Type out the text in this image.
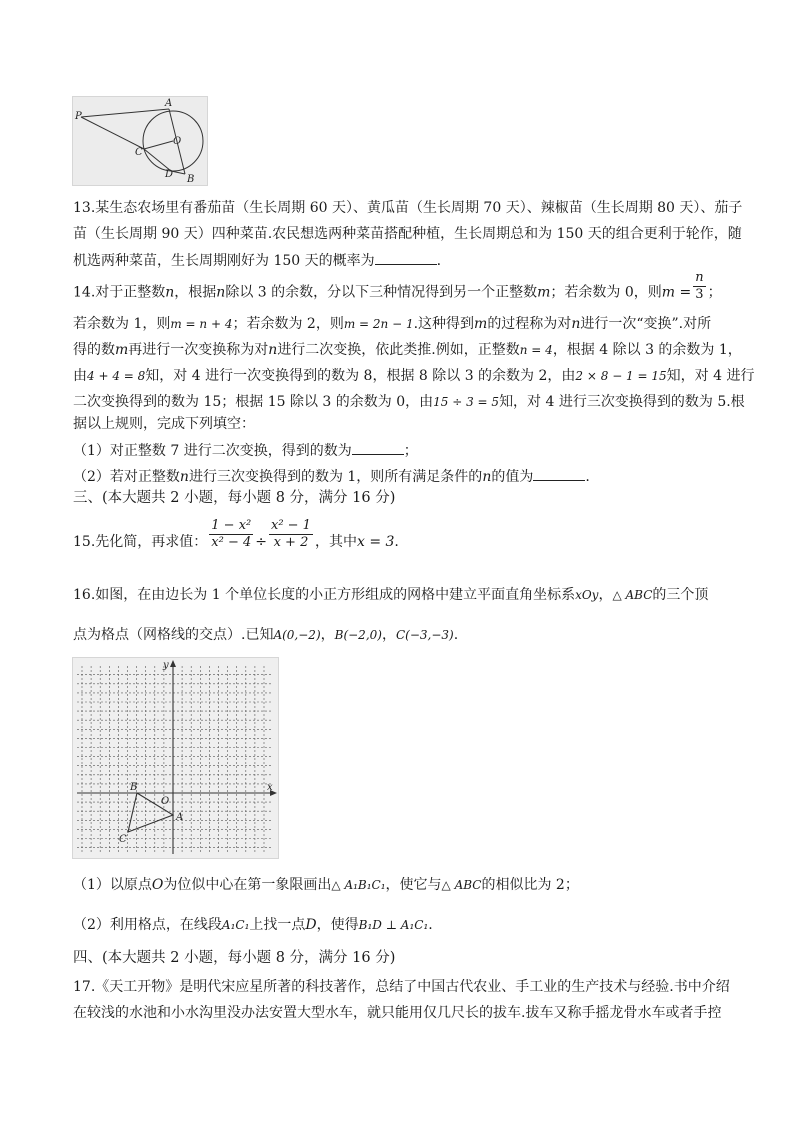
P
A
O
C
D B
13.某生态农场里有番茄苗（生长周期 60 天）、黄瓜苗（生长周期 70 天）、辣椒苗（生长周期 80 天）、茄子
苗（生长周期 90 天）四种菜苗.农民想选两种菜苗搭配种植，生长周期总和为 150 天的组合更利于轮作，随
机选两种菜苗，生长周期刚好为 150 天的概率为	.
14.对于正整数n，根据n除以 3 的余数，分以下三种情况得到另一个正整数m；若余数为 0，则$m = \frac{n}{3}$ ；
若余数为 1，则m = n + 4；若余数为 2，则m = 2n − 1.这种得到m的过程称为对n进行一次“变换”.对所
得的数m再进行一次变换称为对n进行二次变换，依此类推.例如，正整数n = 4，根据 4 除以 3 的余数为 1，
由4 + 4 = 8知，对 4 进行一次变换得到的数为 8，根据 8 除以 3 的余数为 2，由2 × 8 − 1 = 15知，对 4 进行
二次变换得到的数为 15；根据 15 除以 3 的余数为 0，由15 ÷ 3 = 5知，对 4 进行三次变换得到的数为 5.根
据以上规则，完成下列填空：
（1）对正整数 7 进行二次变换，得到的数为	；
（2）若对正整数n进行三次变换得到的数为 1，则所有满足条件的n的值为	.
三、(本大题共 2 小题，每小题 8 分，满分 16 分)
15.先化简，再求值： $\frac{\text{1 − x²}}{\text{x² − 4}} \div \frac{\text{x² − 1}}{x + 2}$ ，其中x = 3.
16.如图，在由边长为 1 个单位长度的小正方形组成的网格中建立平面直角坐标系xOy，△ ABC的三个顶
点为格点（网格线的交点）.已知A(0,−2)，B(−2,0)，C(−3,−3).
x
y
O
A
B
C
（1）以原点O为位似中心在第一象限画出△ A₁B₁C₁，使它与△ ABC的相似比为 2；
（2）利用格点，在线段A₁C₁上找一点D，使得B₁D ⊥ A₁C₁.
四、(本大题共 2 小题，每小题 8 分，满分 16 分)
17.《天工开物》是明代宋应星所著的科技著作，总结了中国古代农业、手工业的生产技术与经验.书中介绍
在较浅的水池和小水沟里没办法安置大型水车，就只能用仅几尺长的拔车.拔车又称手摇龙骨水车或者手控
